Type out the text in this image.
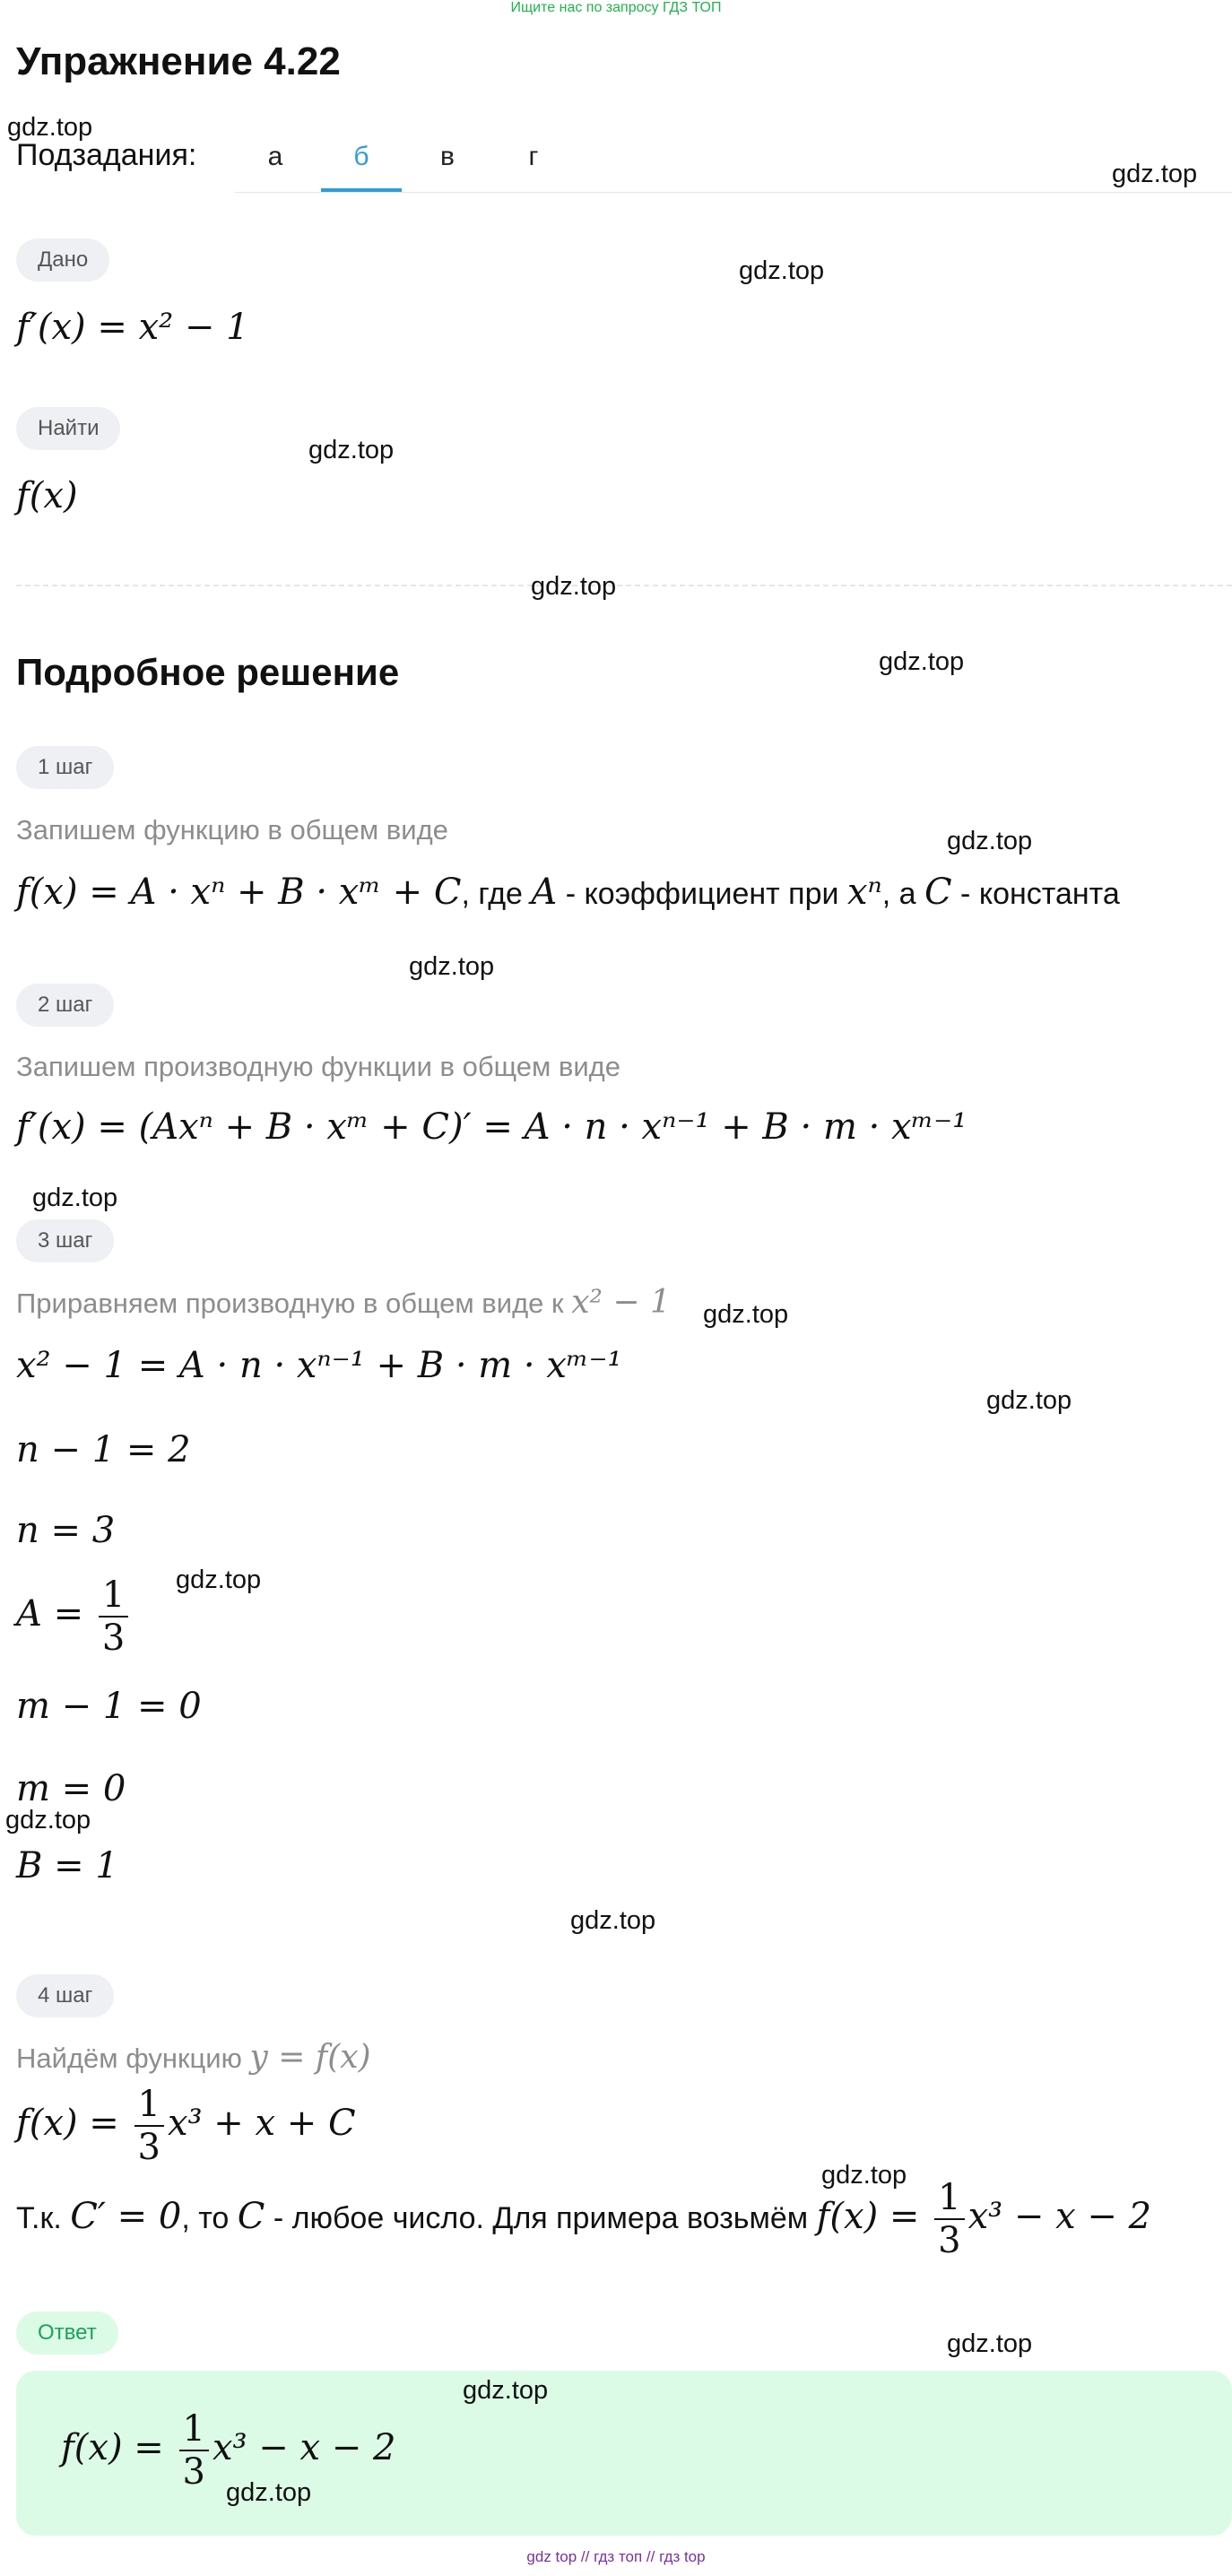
Ищите нас по запросу ГДЗ ТОП
Упражнение 4.22
Подзадания:	а	б	в	г
Дано
f′(x) = x² − 1
Найти
f(x)
Подробное решение
1 шаг
Запишем функцию в общем виде
f(x) = A · xⁿ + B · xᵐ + C, где A - коэффициент при xⁿ, а C - константа
2 шаг
Запишем производную функции в общем виде
f′(x) = (Axⁿ + B · xᵐ + C)′ = A · n · xⁿ⁻¹ + B · m · xᵐ⁻¹
3 шаг
Приравняем производную в общем виде к x² − 1
x² − 1 = A · n · xⁿ⁻¹ + B · m · xᵐ⁻¹
n − 1 = 2
n = 3
$A = \frac{1}{3}$
m − 1 = 0
m = 0
B = 1
4 шаг
Найдём функцию y = f(x)
$f(x) = \frac{1}{3} x^3 + x + C$
Т.к. C′ = 0, то C - любое число. Для примера возьмём $f(x) = \frac{1}{3} x^3 - x - 2$
Ответ
$f(x) = \frac{1}{3} x^3 - x - 2$
gdz.top
gdz.top
gdz.top
gdz.top
gdz.top
gdz.top
gdz.top
gdz.top
gdz.top
gdz.top
gdz.top
gdz.top
gdz.top
gdz.top
gdz.top
gdz.top
gdz.top
gdz.top
gdz top // гдз топ // гдз top
